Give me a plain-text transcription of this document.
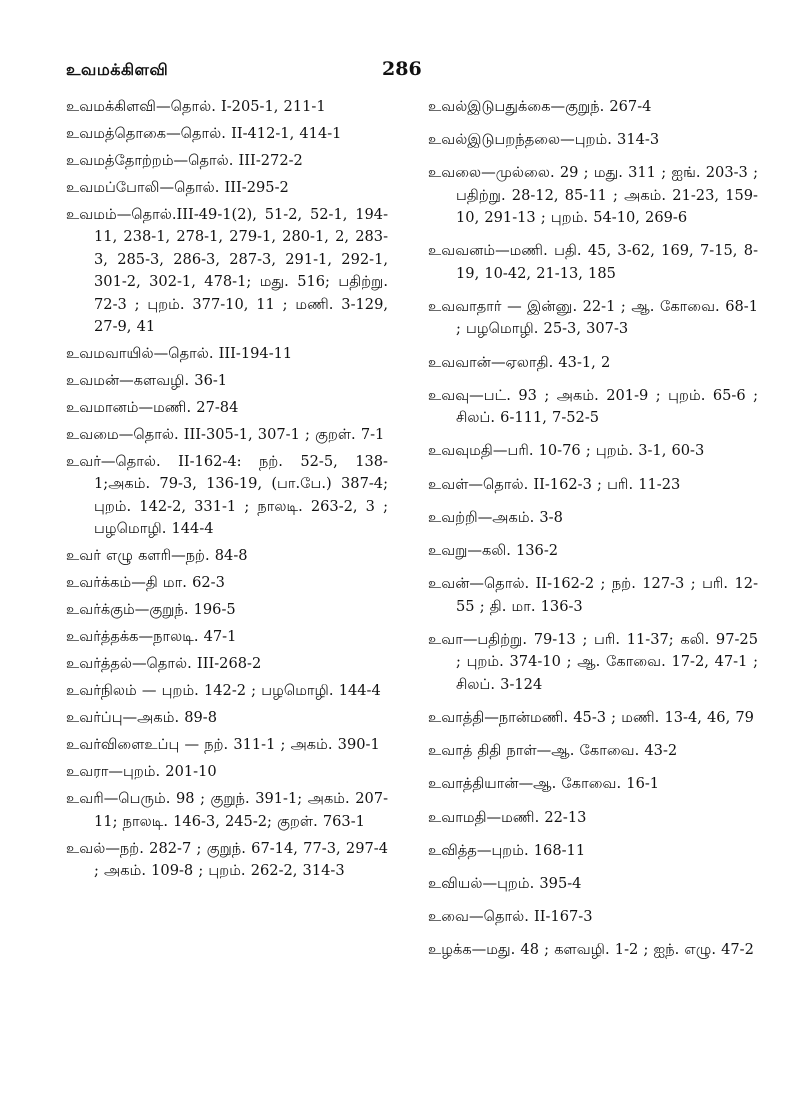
உவமக்கிளவி	286

உவமக்கிளவி—தொல். I-205-1, 211-1

உவமத்தொகை—தொல். II-412-1, 414-1

உவமத்தோற்றம்—தொல். III-272-2

உவமப்போலி—தொல். III-295-2

உவமம்—தொல்.III-49-1(2), 51-2, 52-1, 194-11, 238-1, 278-1, 279-1, 280-1, 2, 283-3, 285-3, 286-3, 287-3, 291-1, 292-1, 301-2, 302-1, 478-1; மது. 516; பதிற்று. 72-3 ; புறம். 377-10, 11 ; மணி. 3-129, 27-9, 41

உவமவாயில்—தொல். III-194-11

உவமன்—களவழி. 36-1

உவமானம்—மணி. 27-84

உவமை—தொல். III-305-1, 307-1 ; குறள். 7-1

உவர்—தொல். II-162-4: நற். 52-5, 138-1;அகம். 79-3, 136-19, (பா.பே.) 387-4; புறம். 142-2, 331-1 ; நாலடி. 263-2, 3 ; பழமொழி. 144-4

உவர் எழு களரி—நற். 84-8

உவர்க்கம்—தி மா. 62-3

உவர்க்கும்—குறுந். 196-5

உவர்த்தக்க—நாலடி. 47-1

உவர்த்தல்—தொல். III-268-2

உவர்நிலம் — புறம். 142-2 ; பழமொழி. 144-4

உவர்ப்பு—அகம். 89-8

உவர்விளைஉப்பு — நற். 311-1 ; அகம். 390-1

உவரா—புறம். 201-10

உவரி—பெரும். 98 ; குறுந். 391-1; அகம். 207-11; நாலடி. 146-3, 245-2; குறள். 763-1

உவல்—நற். 282-7 ; குறுந். 67-14, 77-3, 297-4 ; அகம். 109-8 ; புறம். 262-2, 314-3

உவல்இடுபதுக்கை—குறுந். 267-4

உவல்இடுபறந்தலை—புறம். 314-3

உவலை—முல்லை. 29 ; மது. 311 ; ஐங். 203-3 ; பதிற்று. 28-12, 85-11 ; அகம். 21-23, 159-10, 291-13 ; புறம். 54-10, 269-6

உவவனம்—மணி. பதி. 45, 3-62, 169, 7-15, 8-19, 10-42, 21-13, 185

உவவாதார் — இன்னு. 22-1 ; ஆ. கோவை. 68-1 ; பழமொழி. 25-3, 307-3

உவவான்—ஏலாதி. 43-1, 2

உவவு—பட். 93 ; அகம். 201-9 ; புறம். 65-6 ; சிலப். 6-111, 7-52-5

உவவுமதி—பரி. 10-76 ; புறம். 3-1, 60-3

உவள்—தொல். II-162-3 ; பரி. 11-23

உவற்றி—அகம். 3-8

உவறு—கலி. 136-2

உவன்—தொல். II-162-2 ; நற். 127-3 ; பரி. 12-55 ; தி. மா. 136-3

உவா—பதிற்று. 79-13 ; பரி. 11-37; கலி. 97-25 ; புறம். 374-10 ; ஆ. கோவை. 17-2, 47-1 ; சிலப். 3-124

உவாத்தி—நான்மணி. 45-3 ; மணி. 13-4, 46, 79

உவாத் திதி நாள்—ஆ. கோவை. 43-2

உவாத்தியான்—ஆ. கோவை. 16-1

உவாமதி—மணி. 22-13

உவித்த—புறம். 168-11

உவியல்—புறம். 395-4

உவை—தொல். II-167-3

உழக்க—மது. 48 ; களவழி. 1-2 ; ஐந். எழு. 47-2
